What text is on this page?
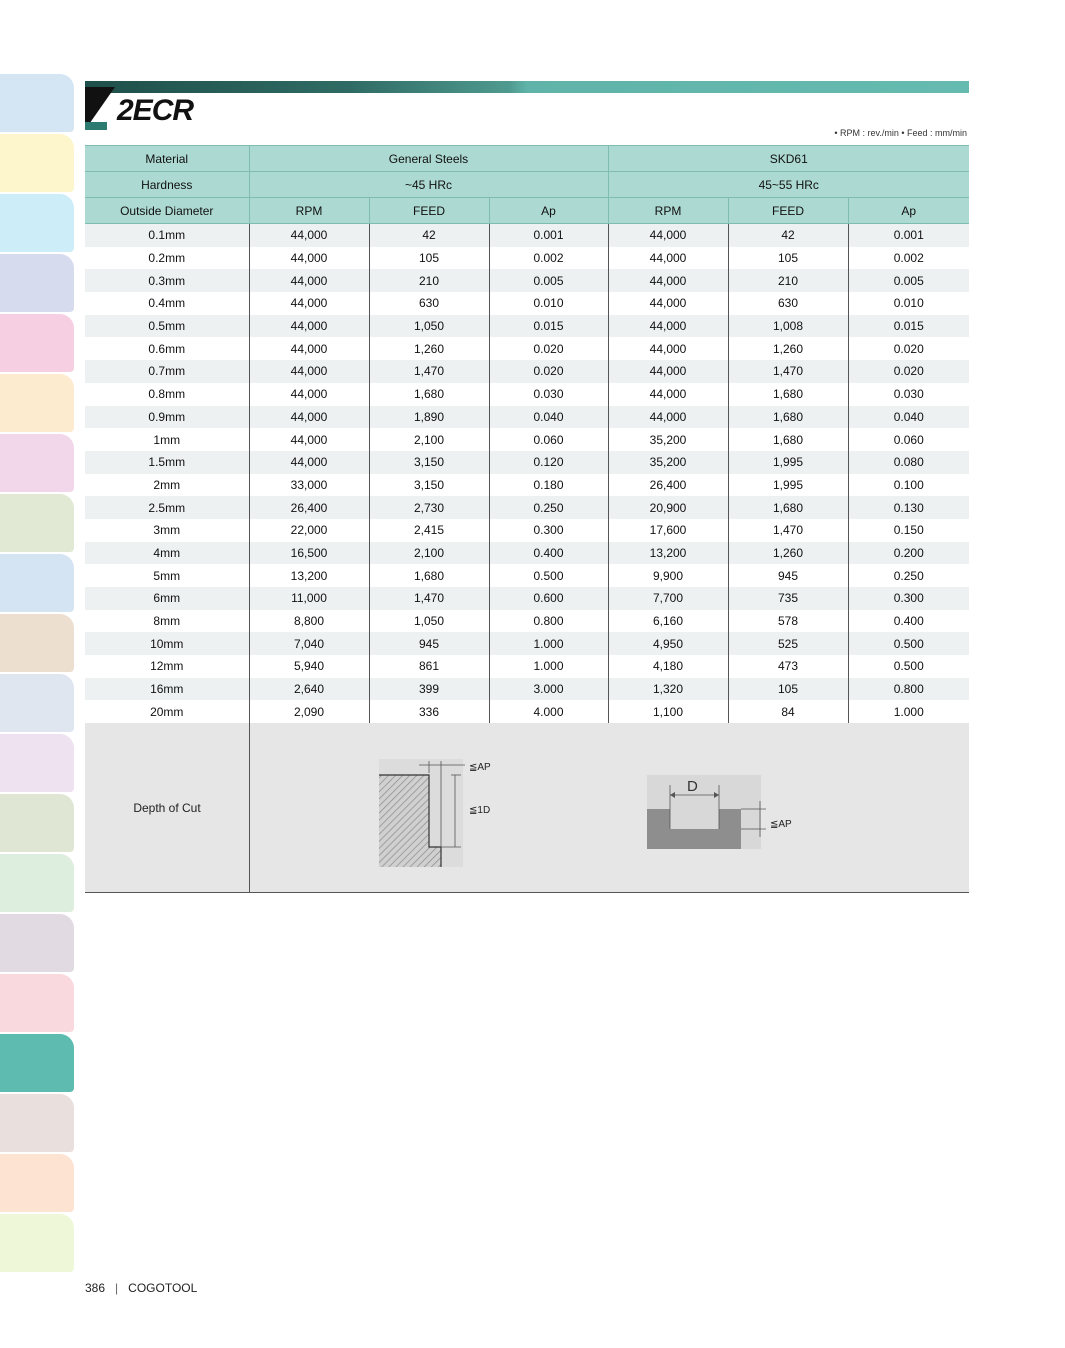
2ECR
• RPM : rev./min • Feed : mm/min
Material	General Steels			SKD61		
Hardness	~45 HRc			45~55 HRc		
Outside Diameter	RPM	FEED	Ap	RPM	FEED	Ap
0.1mm	44,000	42	0.001	44,000	42	0.001
0.2mm	44,000	105	0.002	44,000	105	0.002
0.3mm	44,000	210	0.005	44,000	210	0.005
0.4mm	44,000	630	0.010	44,000	630	0.010
0.5mm	44,000	1,050	0.015	44,000	1,008	0.015
0.6mm	44,000	1,260	0.020	44,000	1,260	0.020
0.7mm	44,000	1,470	0.020	44,000	1,470	0.020
0.8mm	44,000	1,680	0.030	44,000	1,680	0.030
0.9mm	44,000	1,890	0.040	44,000	1,680	0.040
1mm	44,000	2,100	0.060	35,200	1,680	0.060
1.5mm	44,000	3,150	0.120	35,200	1,995	0.080
2mm	33,000	3,150	0.180	26,400	1,995	0.100
2.5mm	26,400	2,730	0.250	20,900	1,680	0.130
3mm	22,000	2,415	0.300	17,600	1,470	0.150
4mm	16,500	2,100	0.400	13,200	1,260	0.200
5mm	13,200	1,680	0.500	9,900	945	0.250
6mm	11,000	1,470	0.600	7,700	735	0.300
8mm	8,800	1,050	0.800	6,160	578	0.400
10mm	7,040	945	1.000	4,950	525	0.500
12mm	5,940	861	1.000	4,180	473	0.500
16mm	2,640	399	3.000	1,320	105	0.800
20mm	2,090	336	4.000	1,100	84	1.000
Depth of Cut
≦AP
≦1D
D
≦AP
386 | COGOTOOL
